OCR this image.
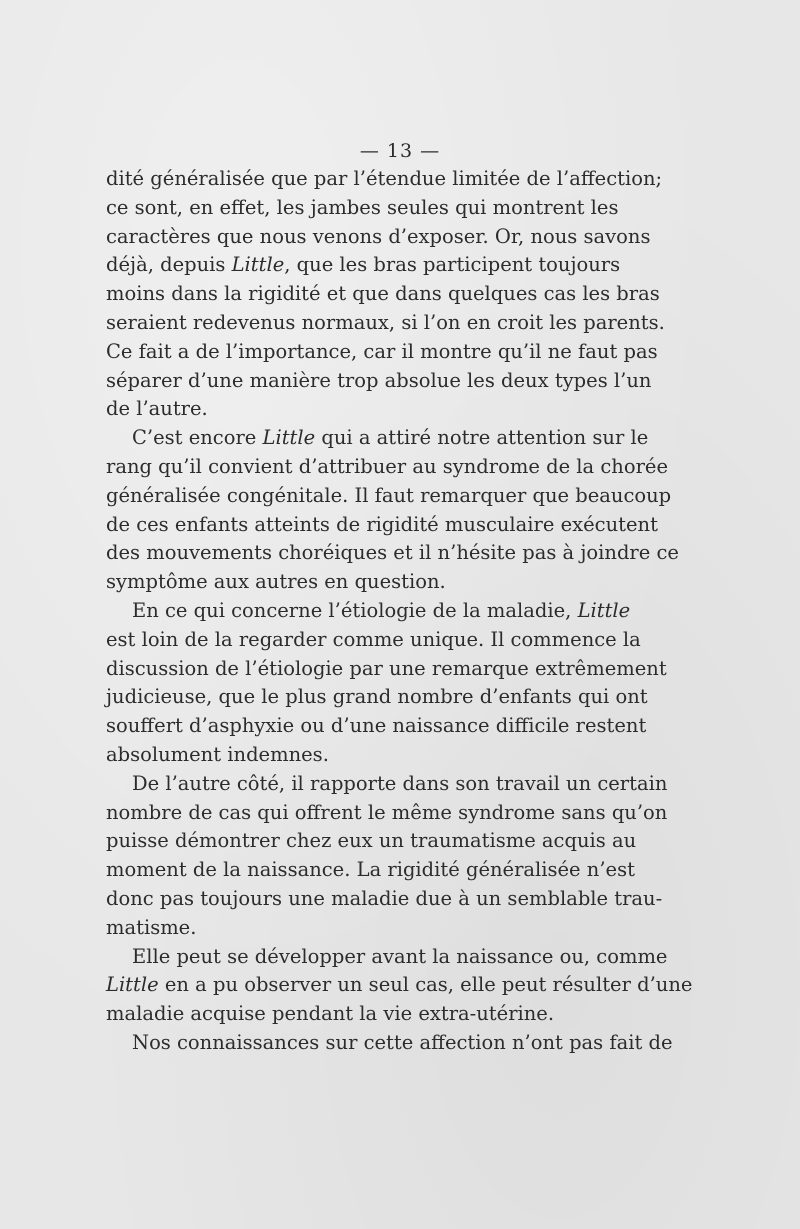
— 13 —
dité généralisée que par l’étendue limitée de l’affection;
ce sont, en effet, les jambes seules qui montrent les
caractères que nous venons d’exposer. Or, nous savons
déjà, depuis Little, que les bras participent toujours
moins dans la rigidité et que dans quelques cas les bras
seraient redevenus normaux, si l’on en croit les parents.
Ce fait a de l’importance, car il montre qu’il ne faut pas
séparer d’une manière trop absolue les deux types l’un
de l’autre.
C’est encore Little qui a attiré notre attention sur le
rang qu’il convient d’attribuer au syndrome de la chorée
généralisée congénitale. Il faut remarquer que beaucoup
de ces enfants atteints de rigidité musculaire exécutent
des mouvements choréiques et il n’hésite pas à joindre ce
symptôme aux autres en question.
En ce qui concerne l’étiologie de la maladie, Little
est loin de la regarder comme unique. Il commence la
discussion de l’étiologie par une remarque extrêmement
judicieuse, que le plus grand nombre d’enfants qui ont
souffert d’asphyxie ou d’une naissance difficile restent
absolument indemnes.
De l’autre côté, il rapporte dans son travail un certain
nombre de cas qui offrent le même syndrome sans qu’on
puisse démontrer chez eux un traumatisme acquis au
moment de la naissance. La rigidité généralisée n’est
donc pas toujours une maladie due à un semblable trau-
matisme.
Elle peut se développer avant la naissance ou, comme
Little en a pu observer un seul cas, elle peut résulter d’une
maladie acquise pendant la vie extra-utérine.
Nos connaissances sur cette affection n’ont pas fait de
